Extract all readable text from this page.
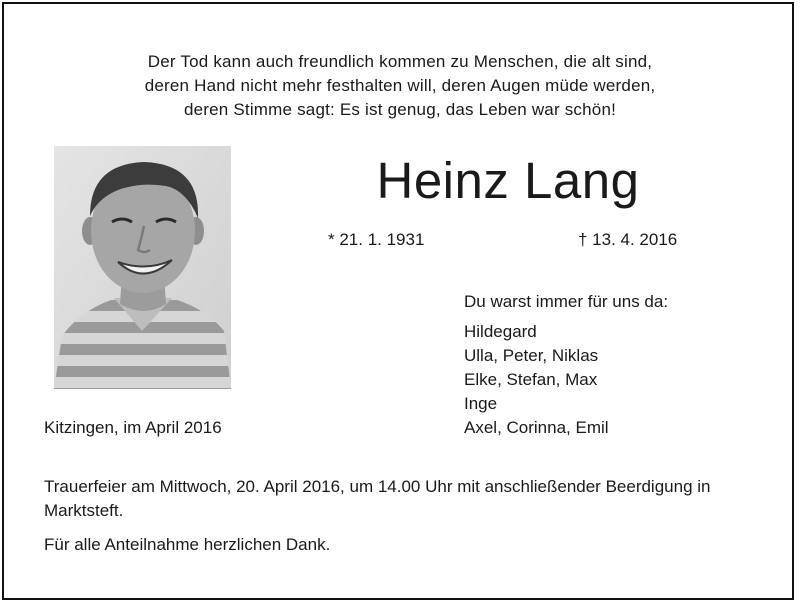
Der Tod kann auch freundlich kommen zu Menschen, die alt sind,
deren Hand nicht mehr festhalten will, deren Augen müde werden,
deren Stimme sagt: Es ist genug, das Leben war schön!
Heinz Lang
* 21. 1. 1931	† 13. 4. 2016
Du warst immer für uns da:
Hildegard
Ulla, Peter, Niklas
Elke, Stefan, Max
Inge
Axel, Corinna, Emil
Kitzingen, im April 2016
Trauerfeier am Mittwoch, 20. April 2016, um 14.00 Uhr mit anschließender Beerdigung in Marktsteft.
Für alle Anteilnahme herzlichen Dank.
